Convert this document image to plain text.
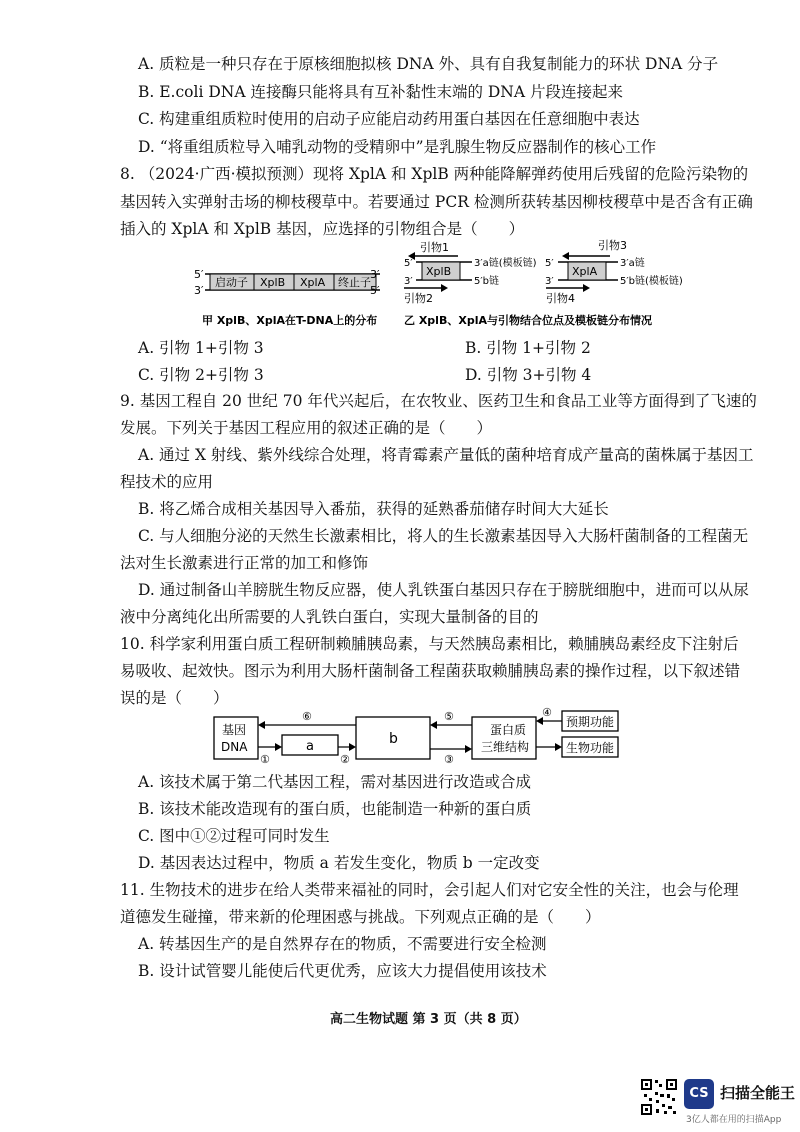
A. 质粒是一种只存在于原核细胞拟核 DNA 外、具有自我复制能力的环状 DNA 分子
B. E.coli DNA 连接酶只能将具有互补黏性末端的 DNA 片段连接起来
C. 构建重组质粒时使用的启动子应能启动药用蛋白基因在任意细胞中表达
D. “将重组质粒导入哺乳动物的受精卵中”是乳腺生物反应器制作的核心工作
8. （2024·广西·模拟预测）现将 XplA 和 XplB 两种能降解弹药使用后残留的危险污染物的
基因转入实弹射击场的柳枝稷草中。若要通过 PCR 检测所获转基因柳枝稷草中是否含有正确
插入的 XplA 和 XplB 基因，应选择的引物组合是（　　）
5′
3′
启动子 XplB XplA 终止子
3′
5′
引物1
5′
3′
XplB
3′a链(模板链)
5′b链
引物2
引物3
5′
3′
XplA
3′a链
5′b链(模板链)
引物4
甲 XplB、XplA在T-DNA上的分布 乙 XplB、XplA与引物结合位点及模板链分布情况
A. 引物 1+引物 3	B. 引物 1+引物 2
C. 引物 2+引物 3	D. 引物 3+引物 4
9. 基因工程自 20 世纪 70 年代兴起后，在农牧业、医药卫生和食品工业等方面得到了飞速的
发展。下列关于基因工程应用的叙述正确的是（　　）
A. 通过 X 射线、紫外线综合处理，将青霉素产量低的菌种培育成产量高的菌株属于基因工
程技术的应用
B. 将乙烯合成相关基因导入番茄，获得的延熟番茄储存时间大大延长
C. 与人细胞分泌的天然生长激素相比，将人的生长激素基因导入大肠杆菌制备的工程菌无
法对生长激素进行正常的加工和修饰
D. 通过制备山羊膀胱生物反应器，使人乳铁蛋白基因只存在于膀胱细胞中，进而可以从尿
液中分离纯化出所需要的人乳铁白蛋白，实现大量制备的目的
10. 科学家利用蛋白质工程研制赖脯胰岛素，与天然胰岛素相比，赖脯胰岛素经皮下注射后
易吸收、起效快。图示为利用大肠杆菌制备工程菌获取赖脯胰岛素的操作过程，以下叙述错
误的是（　　）
基因
DNA	a	b
蛋白质
三维结构
预期功能
生物功能
⑥	⑤	④
①	②	③
A. 该技术属于第二代基因工程，需对基因进行改造或合成
B. 该技术能改造现有的蛋白质，也能制造一种新的蛋白质
C. 图中①②过程可同时发生
D. 基因表达过程中，物质 a 若发生变化，物质 b 一定改变
11. 生物技术的进步在给人类带来福祉的同时，会引起人们对它安全性的关注，也会与伦理
道德发生碰撞，带来新的伦理困惑与挑战。下列观点正确的是（　　）
A. 转基因生产的是自然界存在的物质，不需要进行安全检测
B. 设计试管婴儿能使后代更优秀，应该大力提倡使用该技术
高二生物试题 第 3 页（共 8 页）
CS 扫描全能王
3亿人都在用的扫描App
